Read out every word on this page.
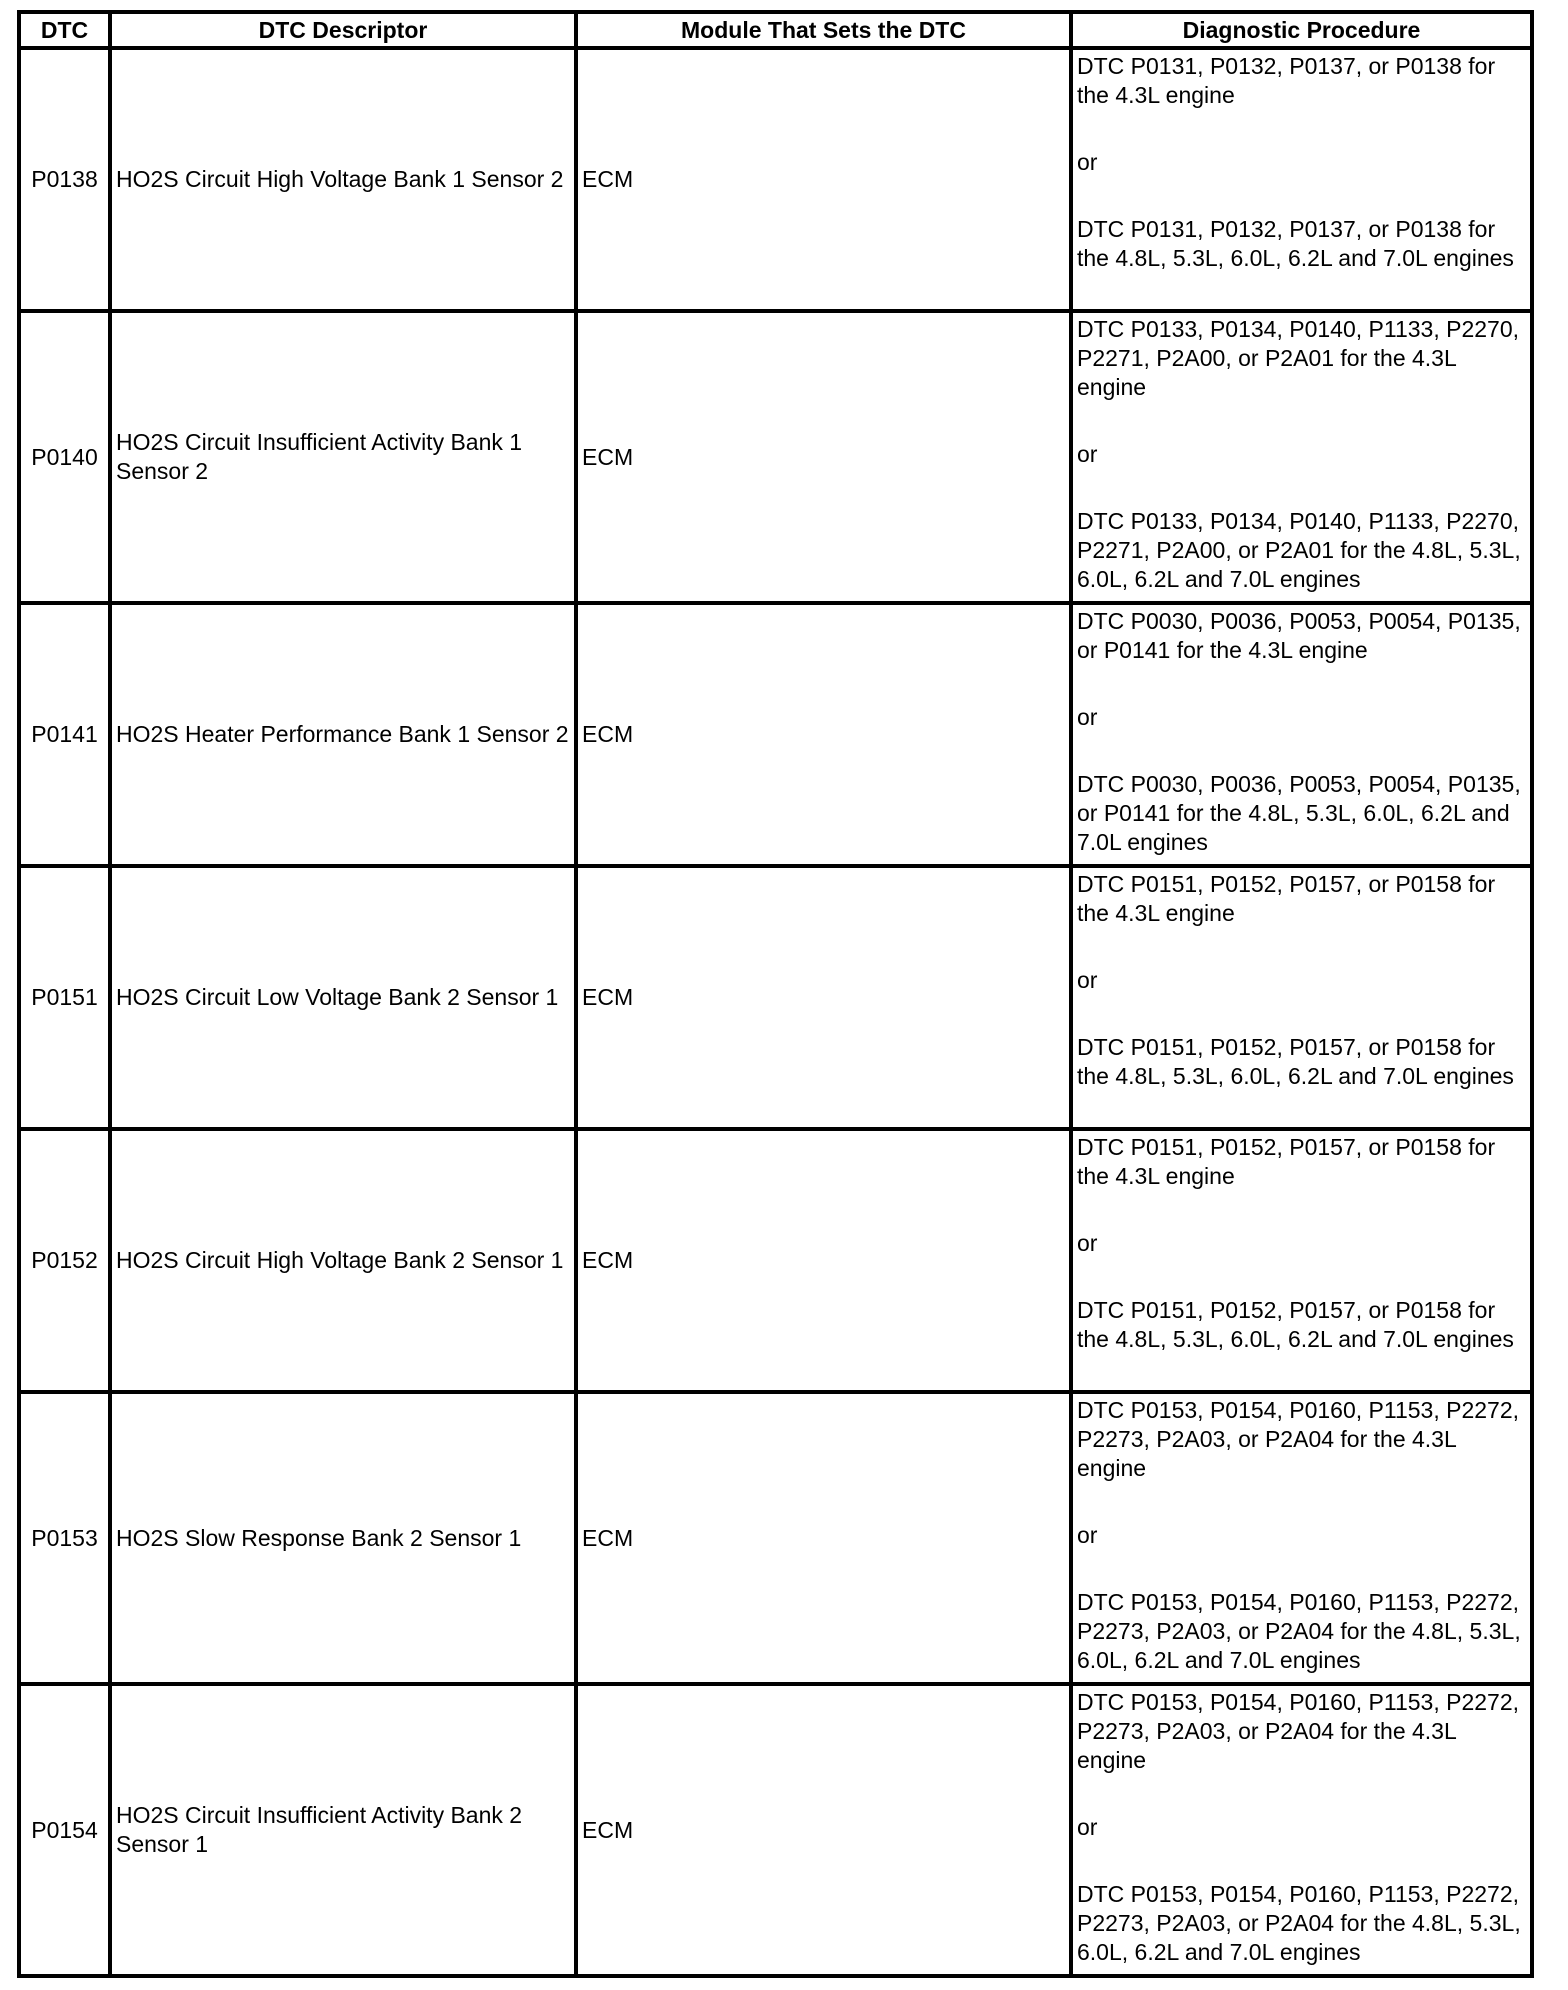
DTC	DTC Descriptor	Module That Sets the DTC	Diagnostic Procedure
P0138	HO2S Circuit High Voltage Bank 1 Sensor 2	ECM	DTC P0131, P0132, P0137, or P0138 for the 4.3L engine
or
DTC P0131, P0132, P0137, or P0138 for the 4.8L, 5.3L, 6.0L, 6.2L and 7.0L engines

P0140	HO2S Circuit Insufficient Activity Bank 1 Sensor 2	ECM	DTC P0133, P0134, P0140, P1133, P2270, P2271, P2A00, or P2A01 for the 4.3L engine
or
DTC P0133, P0134, P0140, P1133, P2270, P2271, P2A00, or P2A01 for the 4.8L, 5.3L, 6.0L, 6.2L and 7.0L engines

P0141	HO2S Heater Performance Bank 1 Sensor 2	ECM	DTC P0030, P0036, P0053, P0054, P0135, or P0141 for the 4.3L engine
or
DTC P0030, P0036, P0053, P0054, P0135, or P0141 for the 4.8L, 5.3L, 6.0L, 6.2L and 7.0L engines

P0151	HO2S Circuit Low Voltage Bank 2 Sensor 1	ECM	DTC P0151, P0152, P0157, or P0158 for the 4.3L engine
or
DTC P0151, P0152, P0157, or P0158 for the 4.8L, 5.3L, 6.0L, 6.2L and 7.0L engines

P0152	HO2S Circuit High Voltage Bank 2 Sensor 1	ECM	DTC P0151, P0152, P0157, or P0158 for the 4.3L engine
or
DTC P0151, P0152, P0157, or P0158 for the 4.8L, 5.3L, 6.0L, 6.2L and 7.0L engines

P0153	HO2S Slow Response Bank 2 Sensor 1	ECM	DTC P0153, P0154, P0160, P1153, P2272, P2273, P2A03, or P2A04 for the 4.3L engine
or
DTC P0153, P0154, P0160, P1153, P2272, P2273, P2A03, or P2A04 for the 4.8L, 5.3L, 6.0L, 6.2L and 7.0L engines

P0154	HO2S Circuit Insufficient Activity Bank 2 Sensor 1	ECM	DTC P0153, P0154, P0160, P1153, P2272, P2273, P2A03, or P2A04 for the 4.3L engine
or
DTC P0153, P0154, P0160, P1153, P2272, P2273, P2A03, or P2A04 for the 4.8L, 5.3L, 6.0L, 6.2L and 7.0L engines
